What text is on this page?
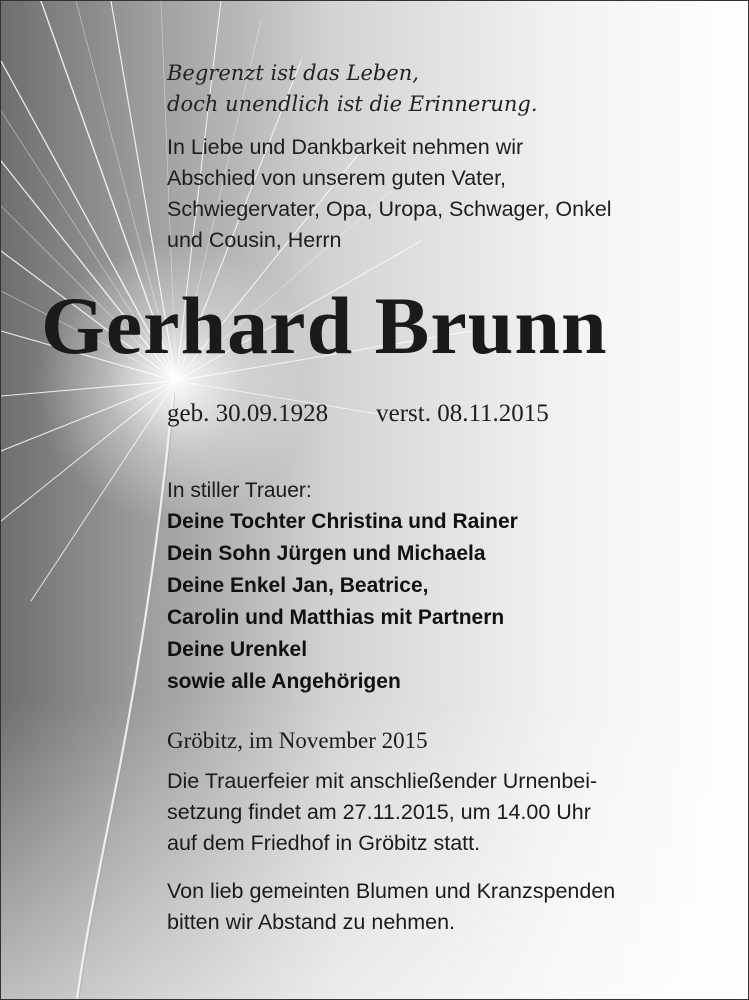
Begrenzt ist das Leben,
doch unendlich ist die Erinnerung.

In Liebe und Dankbarkeit nehmen wir
Abschied von unserem guten Vater,
Schwiegervater, Opa, Uropa, Schwager, Onkel
und Cousin, Herrn

Gerhard Brunn
geb. 30.09.1928 verst. 08.11.2015

In stiller Trauer:

Deine Tochter Christina und Rainer
Dein Sohn Jürgen und Michaela
Deine Enkel Jan, Beatrice,
Carolin und Matthias mit Partnern
Deine Urenkel
sowie alle Angehörigen

Gröbitz, im November 2015

Die Trauerfeier mit anschließender Urnenbei-
setzung findet am 27.11.2015, um 14.00 Uhr
auf dem Friedhof in Gröbitz statt.

Von lieb gemeinten Blumen und Kranzspenden
bitten wir Abstand zu nehmen.
